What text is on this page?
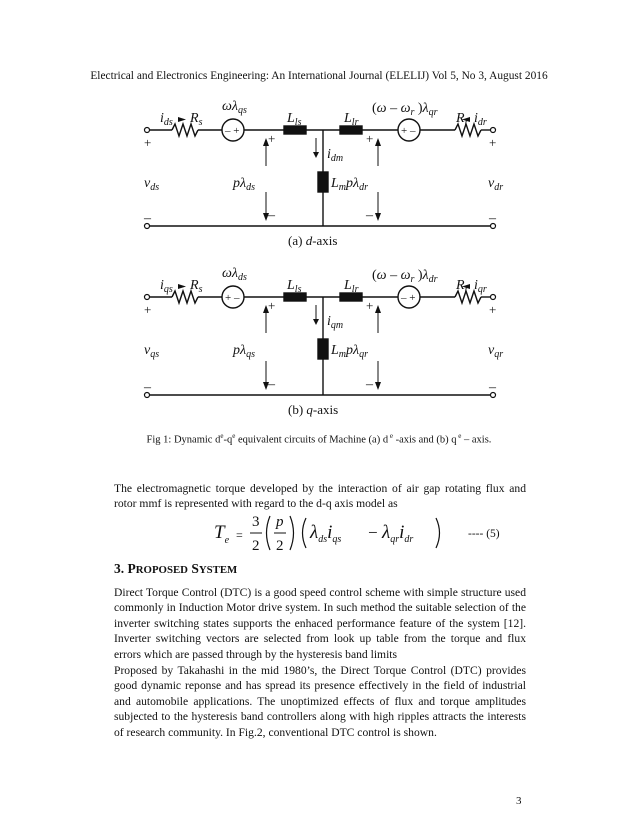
Electrical and Electronics Engineering: An International Journal (ELELIJ) Vol 5, No 3, August 2016
– +	+ –
+	+
–	–
+	+
–	–
$i_{ds}$ $R_s$
$\omega\lambda_{qs}$
$L_{ls}$	$L_{lr}$
($\omega - \omega_r$ )$\lambda_{qr}$ $R_r$ $i_{dr}$
$i_{dm}$
$L_m$
$v_{ds}$	$p\lambda_{ds}$	$p\lambda_{dr}$	$v_{dr}$
(a) d-axis
+ –	– +
+	+
–	–
+	+
–	–
$i_{qs}$ $R_s$
$\omega\lambda_{ds}$
$L_{ls}$	$L_{lr}$
($\omega - \omega_r$ )$\lambda_{dr}$ $R_r$ $i_{qr}$
$i_{qm}$
$L_m$
$v_{qs}$	$p\lambda_{qs}$	$p\lambda_{qr}$	$v_{qr}$
(b) q-axis
Fig 1: Dynamic $d^e-q^e$ equivalent circuits of Machine (a) d $^e$ -axis and (b) q $^e$ – axis.
The electromagnetic torque developed by the interaction of air gap rotating flux and rotor mmf is represented with regard to the d-q axis model as
$T_e$ =
3
2
p
2
$\lambda_{ds}i_{qs} - \lambda_{qr}i_{dr}$	---- (5)
3. PROPOSED SYSTEM
Direct Torque Control (DTC) is a good speed control scheme with simple structure used commonly in Induction Motor drive system. In such method the suitable selection of the inverter switching states supports the enhaced performance feature of the system [12]. Inverter switching vectors are selected from look up table from the torque and flux errors which are passed through by the hysteresis band limits
Proposed by Takahashi in the mid 1980’s, the Direct Torque Control (DTC) provides good dynamic reponse and has spread its presence effectively in the field of industrial and automobile applications. The unoptimized effects of flux and torque amplitudes subjected to the hysteresis band controllers along with high ripples attracts the interests of research community. In Fig.2, conventional DTC control is shown.
3
